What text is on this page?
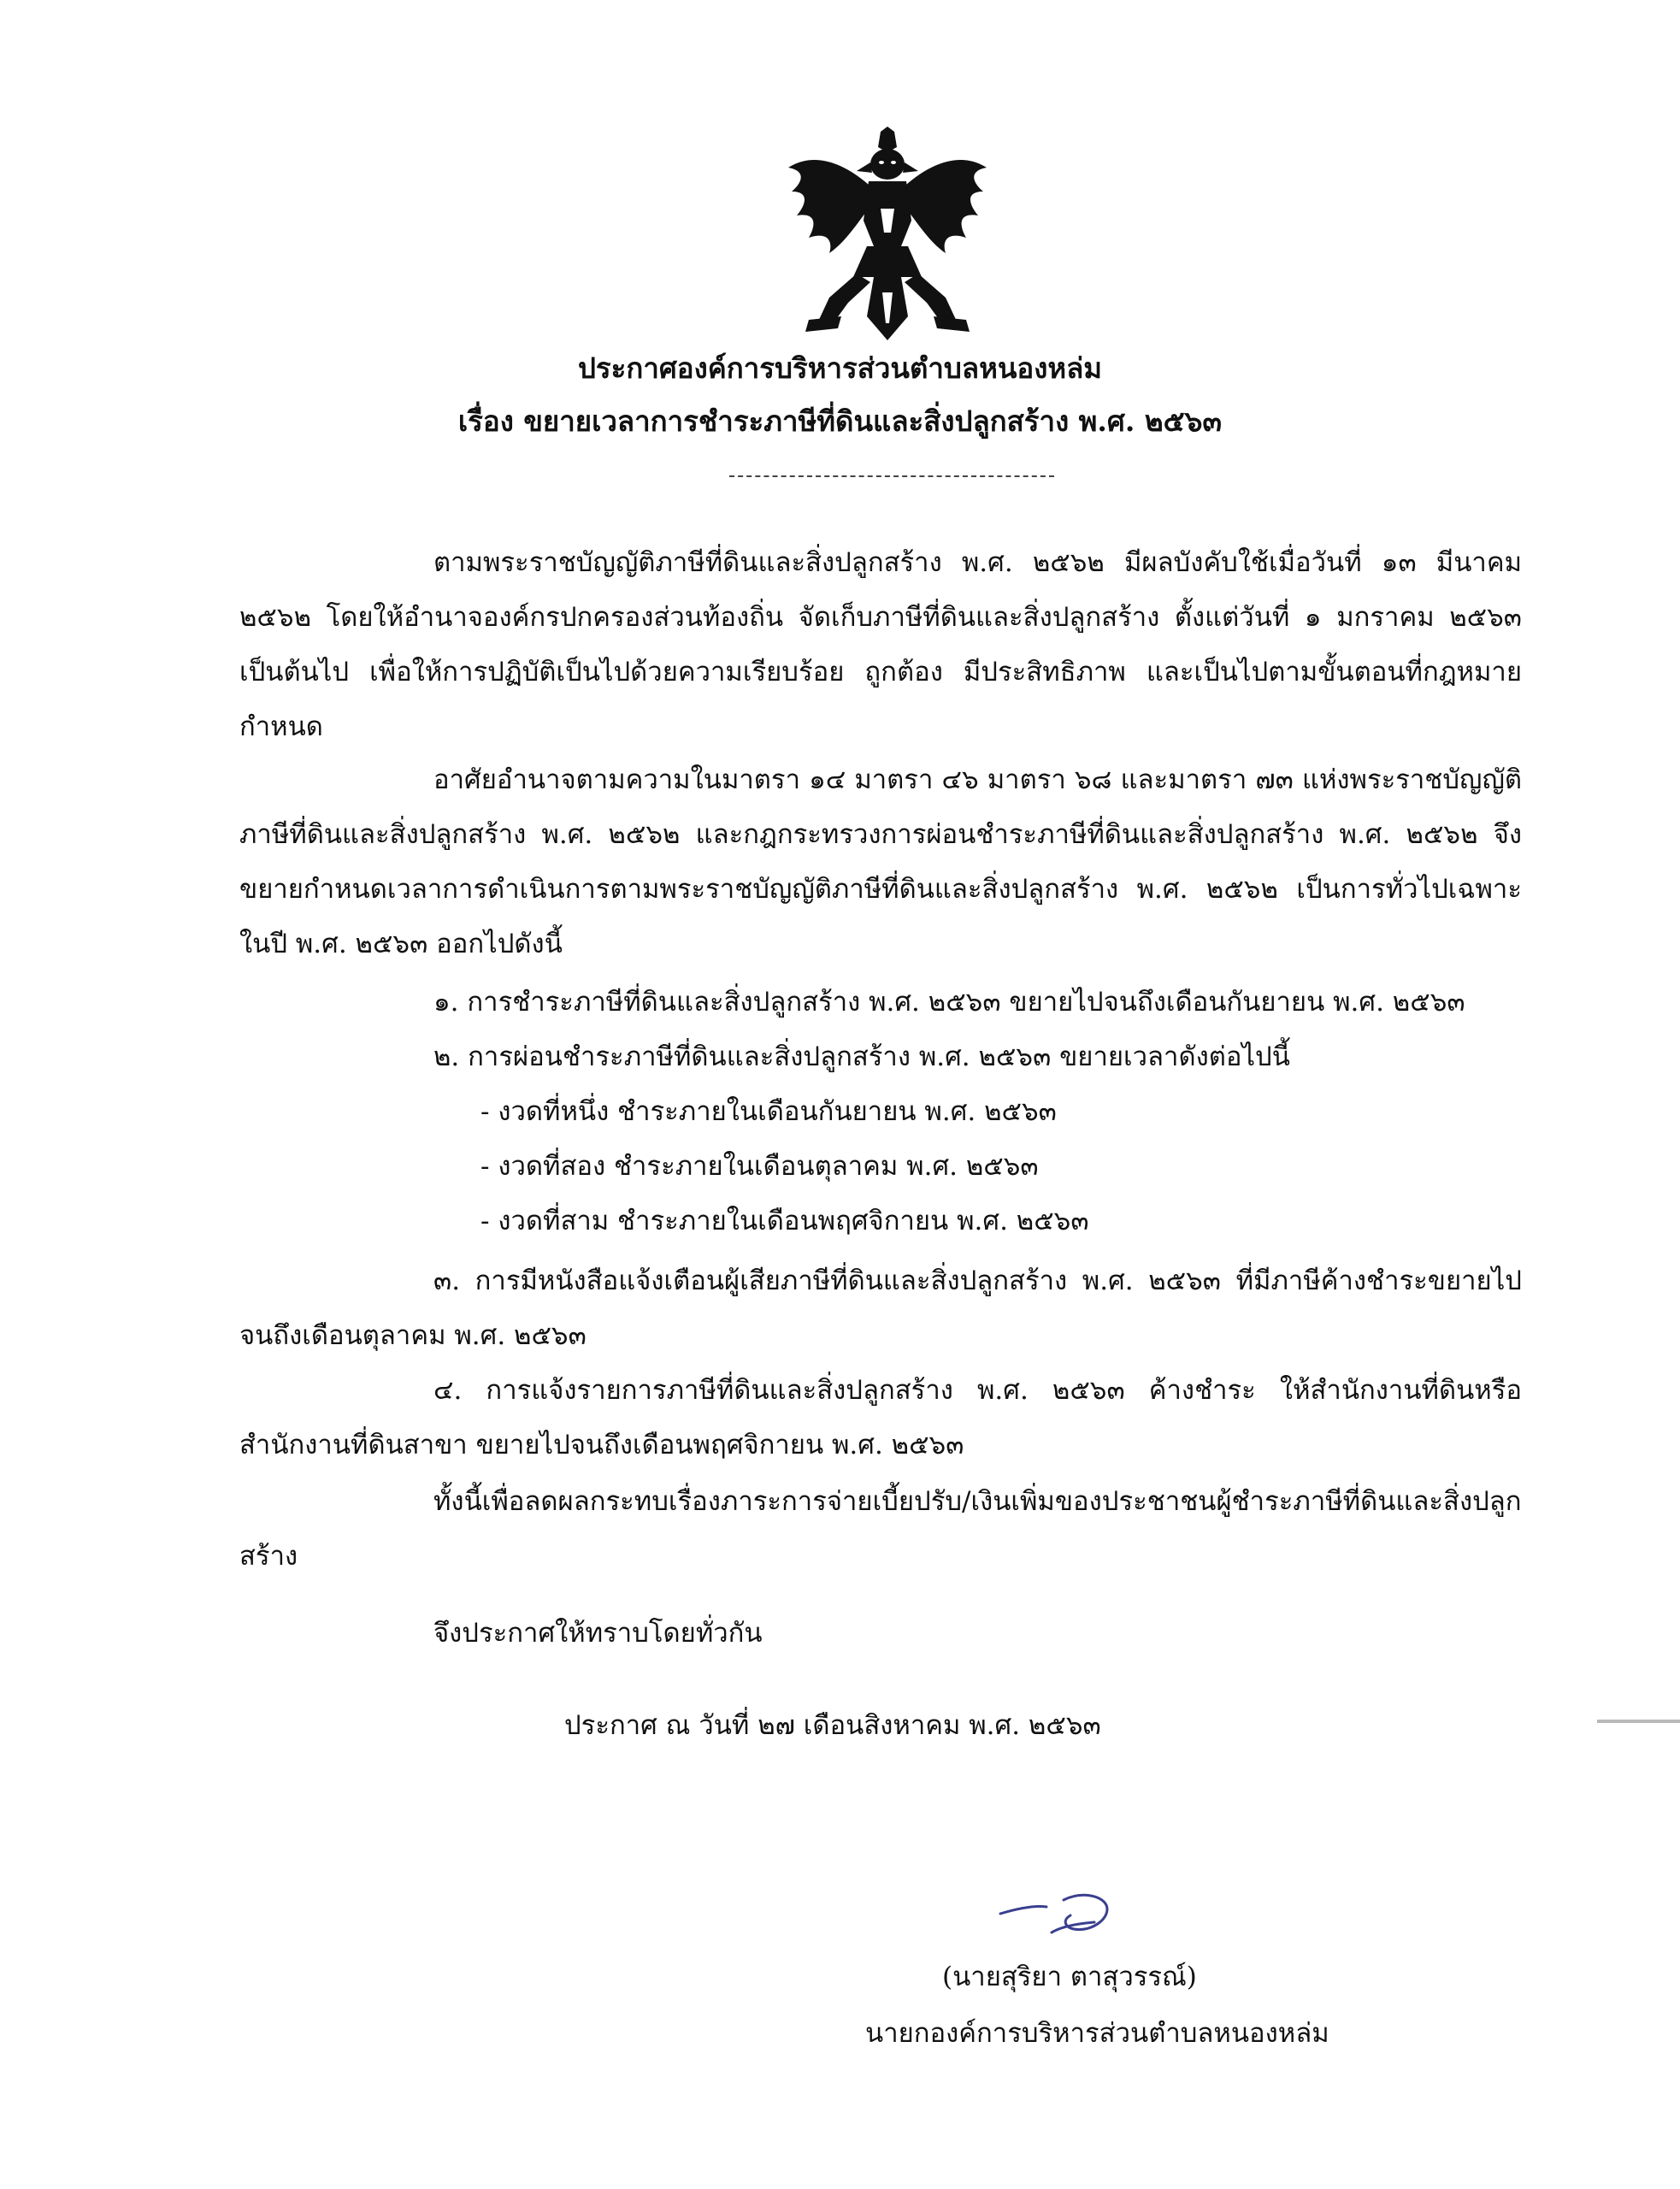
ประกาศองค์การบริหารส่วนตำบลหนองหล่ม
เรื่อง ขยายเวลาการชำระภาษีที่ดินและสิ่งปลูกสร้าง พ.ศ. ๒๕๖๓

ตามพระราชบัญญัติภาษีที่ดินและสิ่งปลูกสร้าง พ.ศ. ๒๕๖๒ มีผลบังคับใช้เมื่อวันที่ ๑๓ มีนาคม ๒๕๖๒ โดยให้อำนาจองค์กรปกครองส่วนท้องถิ่น จัดเก็บภาษีที่ดินและสิ่งปลูกสร้าง ตั้งแต่วันที่ ๑ มกราคม ๒๕๖๓ เป็นต้นไป เพื่อให้การปฏิบัติเป็นไปด้วยความเรียบร้อย ถูกต้อง มีประสิทธิภาพ และเป็นไปตามขั้นตอนที่กฎหมายกำหนด

อาศัยอำนาจตามความในมาตรา ๑๔ มาตรา ๔๖ มาตรา ๖๘ และมาตรา ๗๓ แห่งพระราชบัญญัติภาษีที่ดินและสิ่งปลูกสร้าง พ.ศ. ๒๕๖๒ และกฎกระทรวงการผ่อนชำระภาษีที่ดินและสิ่งปลูกสร้าง พ.ศ. ๒๕๖๒ จึงขยายกำหนดเวลาการดำเนินการตามพระราชบัญญัติภาษีที่ดินและสิ่งปลูกสร้าง พ.ศ. ๒๕๖๒ เป็นการทั่วไปเฉพาะในปี พ.ศ. ๒๕๖๓ ออกไปดังนี้

๑. การชำระภาษีที่ดินและสิ่งปลูกสร้าง พ.ศ. ๒๕๖๓ ขยายไปจนถึงเดือนกันยายน พ.ศ. ๒๕๖๓
๒. การผ่อนชำระภาษีที่ดินและสิ่งปลูกสร้าง พ.ศ. ๒๕๖๓ ขยายเวลาดังต่อไปนี้
- งวดที่หนึ่ง ชำระภายในเดือนกันยายน พ.ศ. ๒๕๖๓
- งวดที่สอง ชำระภายในเดือนตุลาคม พ.ศ. ๒๕๖๓
- งวดที่สาม ชำระภายในเดือนพฤศจิกายน พ.ศ. ๒๕๖๓

๓. การมีหนังสือแจ้งเตือนผู้เสียภาษีที่ดินและสิ่งปลูกสร้าง พ.ศ. ๒๕๖๓ ที่มีภาษีค้างชำระขยายไปจนถึงเดือนตุลาคม พ.ศ. ๒๕๖๓

๔. การแจ้งรายการภาษีที่ดินและสิ่งปลูกสร้าง พ.ศ. ๒๕๖๓ ค้างชำระ ให้สำนักงานที่ดินหรือสำนักงานที่ดินสาขา ขยายไปจนถึงเดือนพฤศจิกายน พ.ศ. ๒๕๖๓

ทั้งนี้เพื่อลดผลกระทบเรื่องภาระการจ่ายเบี้ยปรับ/เงินเพิ่มของประชาชนผู้ชำระภาษีที่ดินและสิ่งปลูกสร้าง

จึงประกาศให้ทราบโดยทั่วกัน
ประกาศ ณ วันที่ ๒๗ เดือนสิงหาคม พ.ศ. ๒๕๖๓
(นายสุริยา ตาสุวรรณ์)
นายกองค์การบริหารส่วนตำบลหนองหล่ม
